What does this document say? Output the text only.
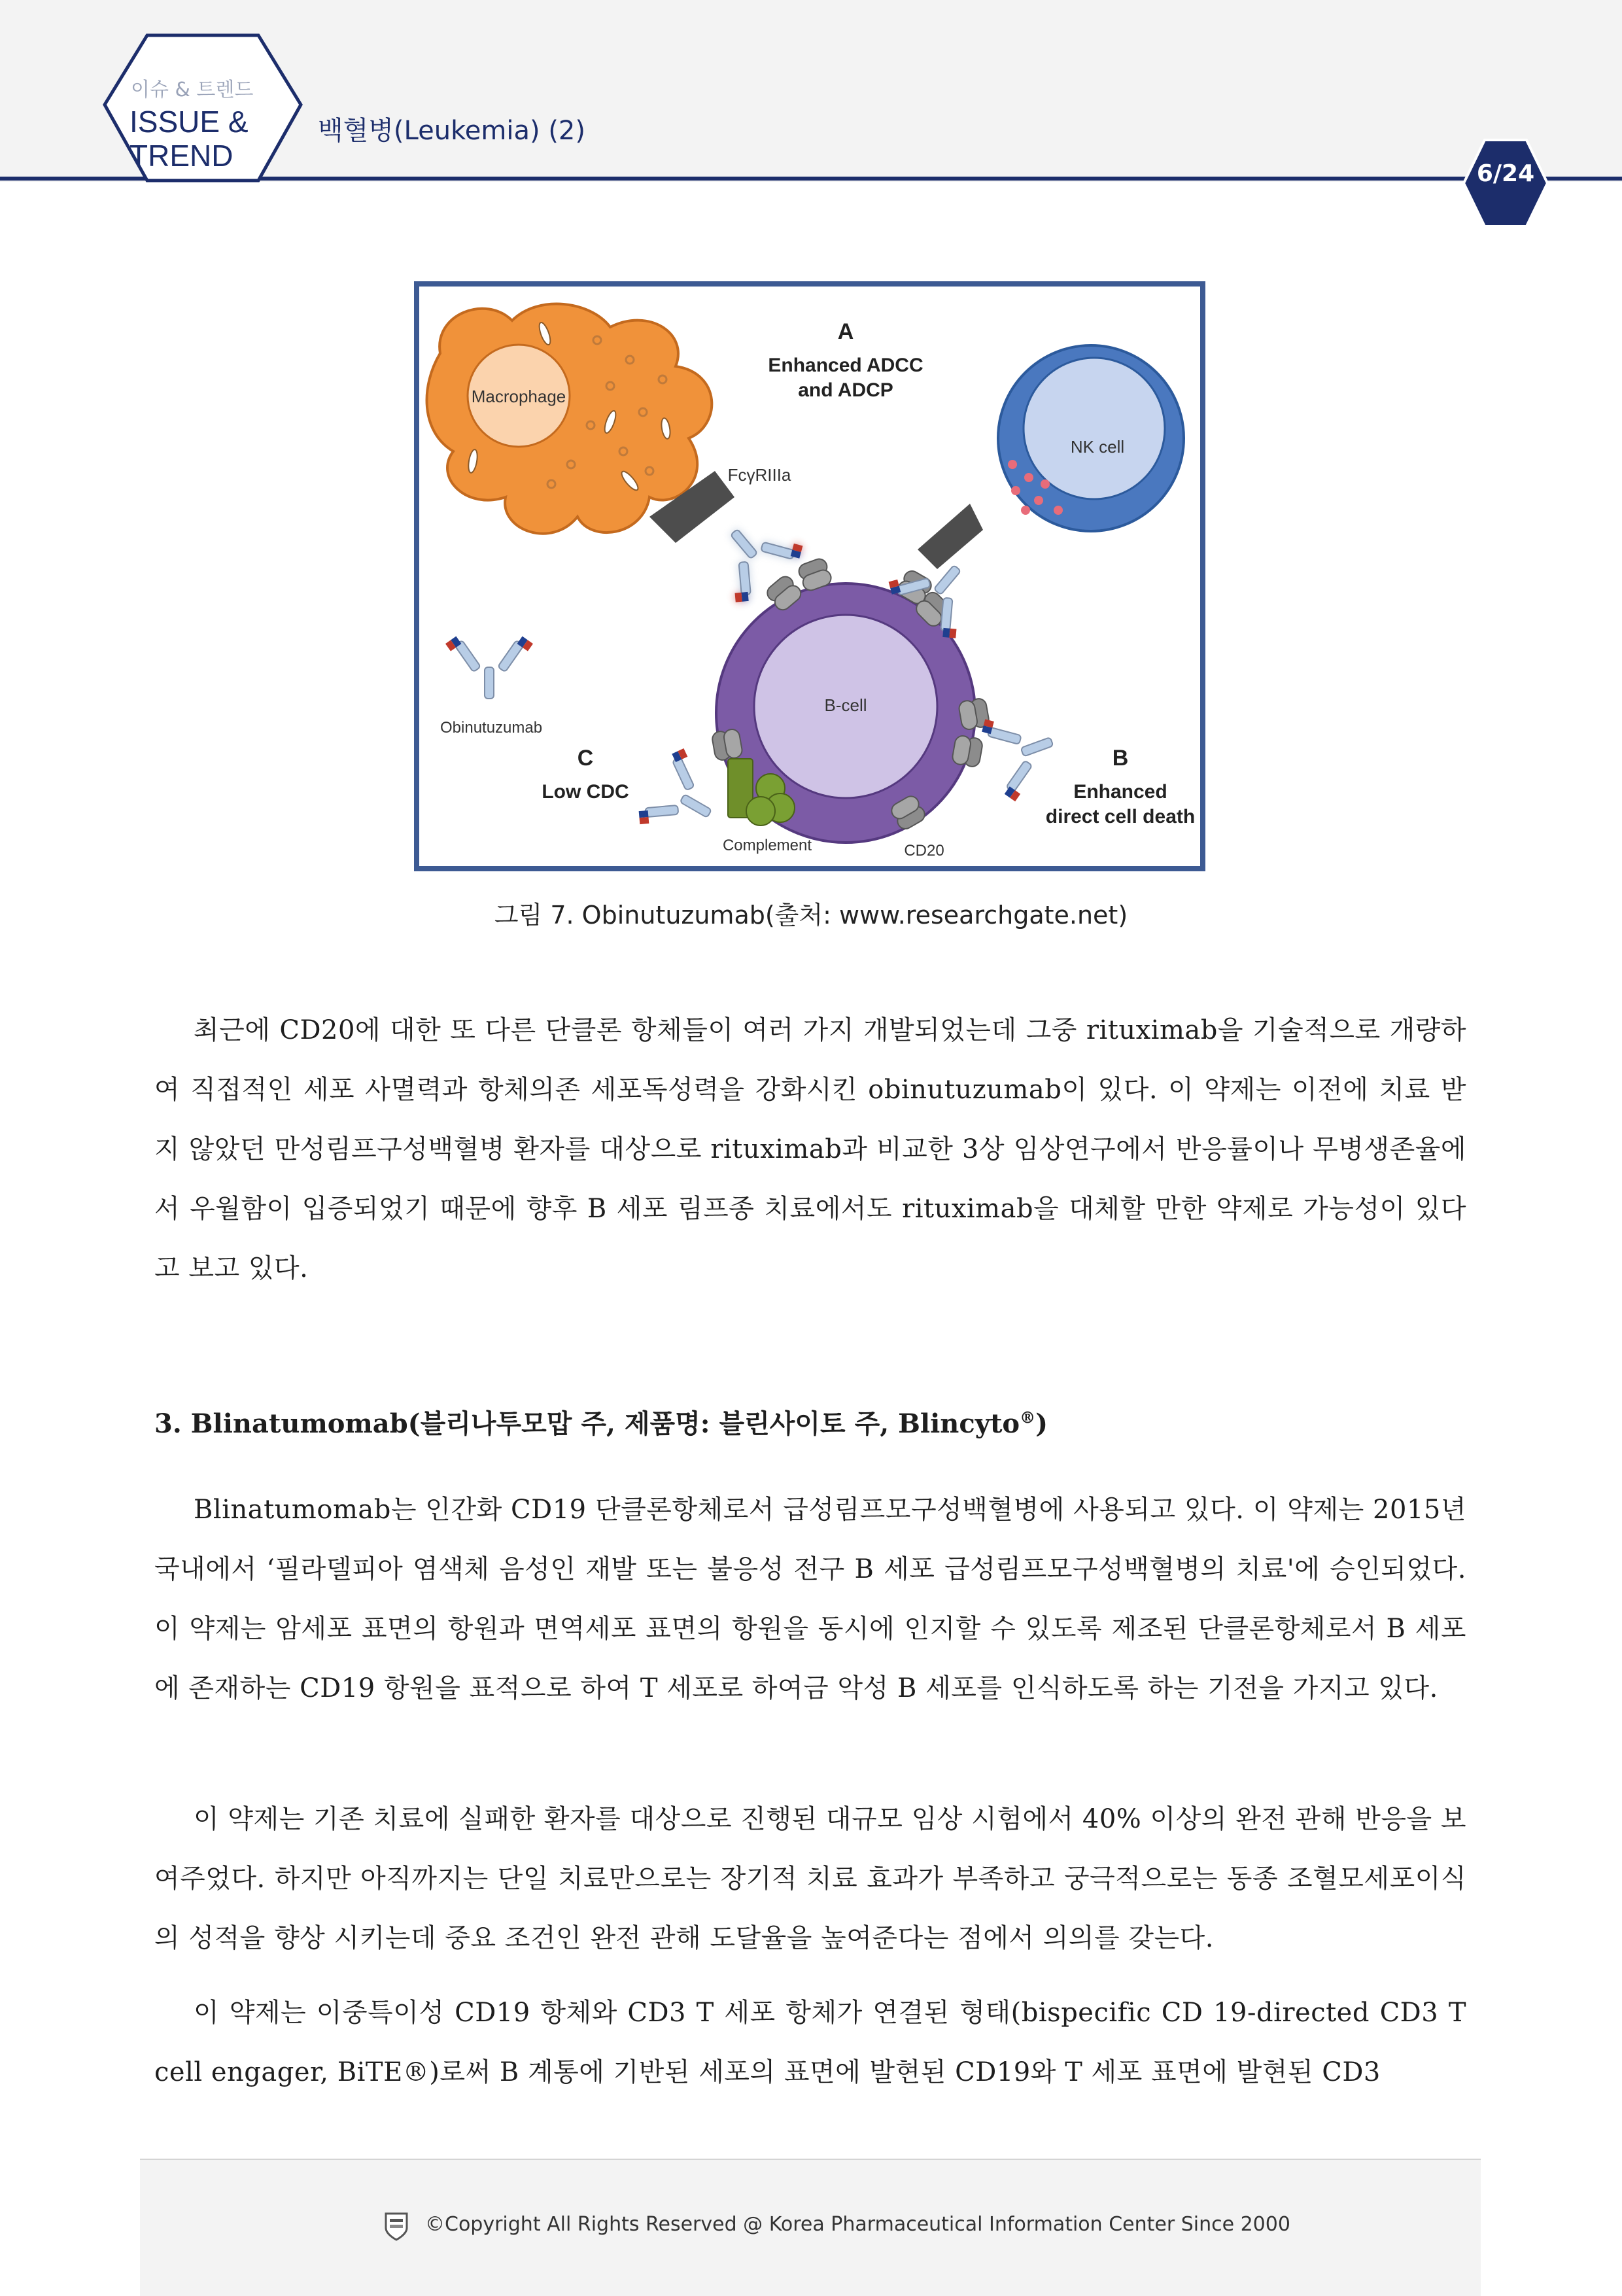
이슈 & 트렌드
ISSUE &
TREND
백혈병(Leukemia) (2)
6/24
Macrophage
FcγRIIIa
NK cell
B-cell
Obinutuzumab
A
Enhanced ADCC
and ADCP
C
Low CDC
B
Enhanced
direct cell death
Complement	CD20
그림 7. Obinutuzumab(출처: www.researchgate.net)

최근에 CD20에 대한 또 다른 단클론 항체들이 여러 가지 개발되었는데 그중 rituximab을 기술적으로 개량하여 직접적인 세포 사멸력과 항체의존 세포독성력을 강화시킨 obinutuzumab이 있다. 이 약제는 이전에 치료 받지 않았던 만성림프구성백혈병 환자를 대상으로 rituximab과 비교한 3상 임상연구에서 반응률이나 무병생존율에서 우월함이 입증되었기 때문에 향후 B 세포 림프종 치료에서도 rituximab을 대체할 만한 약제로 가능성이 있다고 보고 있다.

3. Blinatumomab(블리나투모맙 주, 제품명: 블린사이토 주, Blincyto®)

Blinatumomab는 인간화 CD19 단클론항체로서 급성림프모구성백혈병에 사용되고 있다. 이 약제는 2015년 국내에서 ‘필라델피아 염색체 음성인 재발 또는 불응성 전구 B 세포 급성림프모구성백혈병의 치료'에 승인되었다. 이 약제는 암세포 표면의 항원과 면역세포 표면의 항원을 동시에 인지할 수 있도록 제조된 단클론항체로서 B 세포에 존재하는 CD19 항원을 표적으로 하여 T 세포로 하여금 악성 B 세포를 인식하도록 하는 기전을 가지고 있다.

이 약제는 기존 치료에 실패한 환자를 대상으로 진행된 대규모 임상 시험에서 40% 이상의 완전 관해 반응을 보여주었다. 하지만 아직까지는 단일 치료만으로는 장기적 치료 효과가 부족하고 궁극적으로는 동종 조혈모세포이식의 성적을 향상 시키는데 중요 조건인 완전 관해 도달율을 높여준다는 점에서 의의를 갖는다.

이 약제는 이중특이성 CD19 항체와 CD3 T 세포 항체가 연결된 형태(bispecific CD 19-directed CD3 T cell engager, BiTE®)로써 B 계통에 기반된 세포의 표면에 발현된 CD19와 T 세포 표면에 발현된 CD3

©Copyright All Rights Reserved @ Korea Pharmaceutical Information Center Since 2000
